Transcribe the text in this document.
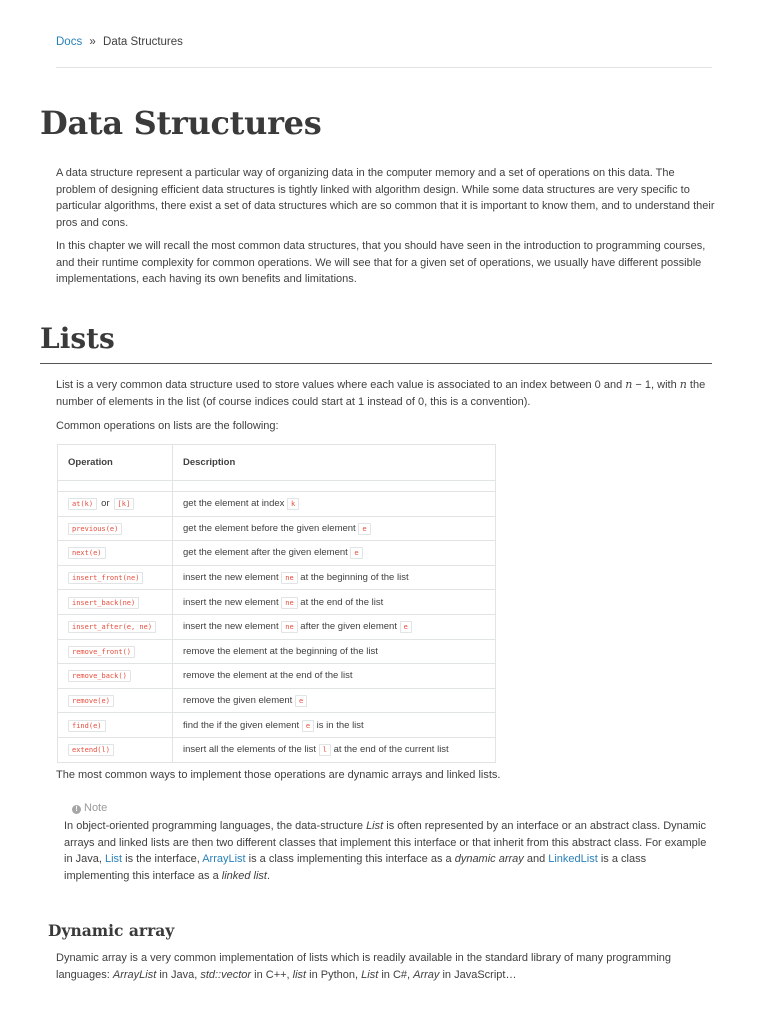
Docs » Data Structures
Data Structures

A data structure represent a particular way of organizing data in the computer memory and a set of operations on this data. The problem of designing efficient data structures is tightly linked with algorithm design. While some data structures are very specific to particular algorithms, there exist a set of data structures which are so common that it is important to know them, and to understand their pros and cons.

In this chapter we will recall the most common data structures, that you should have seen in the introduction to programming courses, and their runtime complexity for common operations. We will see that for a given set of operations, we usually have different possible implementations, each having its own benefits and limitations.

Lists

List is a very common data structure used to store values where each value is associated to an index between 0 and n − 1, with n the number of elements in the list (of course indices could start at 1 instead of 0, this is a convention).

Common operations on lists are the following:

Operation	Description

at(k) or [k]	get the element at index k
previous(e)	get the element before the given element e
next(e)	get the element after the given element e
insert_front(ne)	insert the new element ne at the beginning of the list
insert_back(ne)	insert the new element ne at the end of the list
insert_after(e, ne)	insert the new element ne after the given element e
remove_front()	remove the element at the beginning of the list
remove_back()	remove the element at the end of the list
remove(e)	remove the given element e
find(e)	find the if the given element e is in the list
extend(l)	insert all the elements of the list l at the end of the current list

The most common ways to implement those operations are dynamic arrays and linked lists.

! Note

In object-oriented programming languages, the data-structure List is often represented by an interface or an abstract class. Dynamic arrays and linked lists are then two different classes that implement this interface or that inherit from this abstract class. For example in Java, List is the interface, ArrayList is a class implementing this interface as a dynamic array and LinkedList is a class implementing this interface as a linked list.

Dynamic array

Dynamic array is a very common implementation of lists which is readily available in the standard library of many programming languages: ArrayList in Java, std::vector in C++, list in Python, List in C#, Array in JavaScript…
